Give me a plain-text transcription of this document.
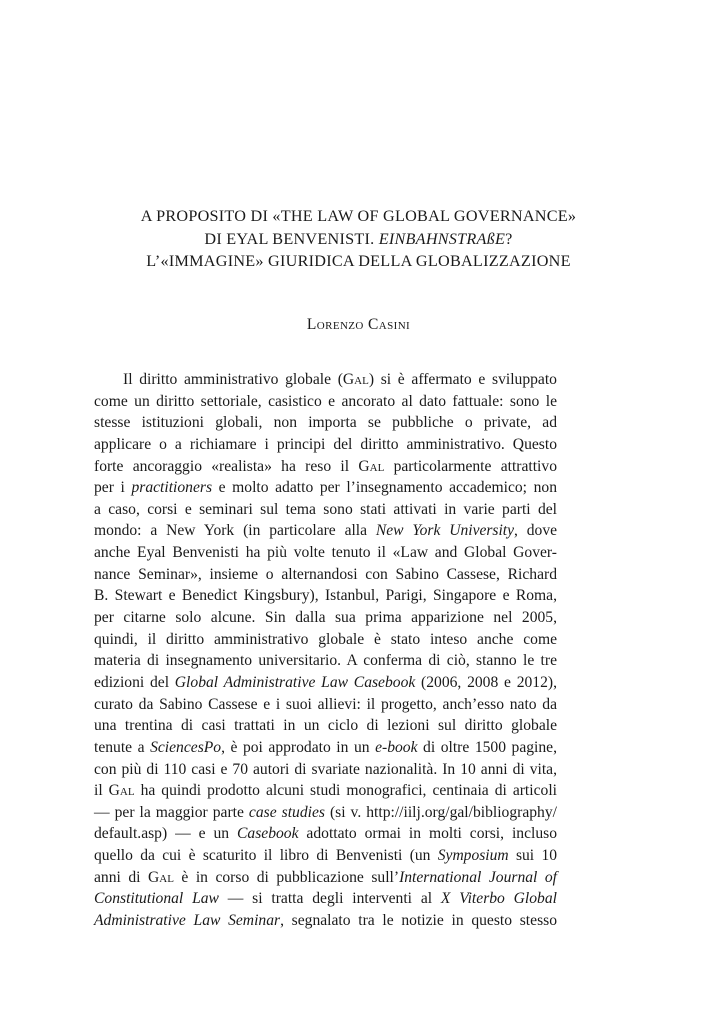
A PROPOSITO DI «THE LAW OF GLOBAL GOVERNANCE»
DI EYAL BENVENISTI. EINBAHNSTRAßE?
L’«IMMAGINE» GIURIDICA DELLA GLOBALIZZAZIONE
Lorenzo Casini
Il diritto amministrativo globale (Gal) si è affermato e sviluppato
come un diritto settoriale, casistico e ancorato al dato fattuale: sono le
stesse istituzioni globali, non importa se pubbliche o private, ad
applicare o a richiamare i principi del diritto amministrativo. Questo
forte ancoraggio «realista» ha reso il Gal particolarmente attrattivo
per i practitioners e molto adatto per l’insegnamento accademico; non
a caso, corsi e seminari sul tema sono stati attivati in varie parti del
mondo: a New York (in particolare alla New York University, dove
anche Eyal Benvenisti ha più volte tenuto il «Law and Global Gover-
nance Seminar», insieme o alternandosi con Sabino Cassese, Richard
B. Stewart e Benedict Kingsbury), Istanbul, Parigi, Singapore e Roma,
per citarne solo alcune. Sin dalla sua prima apparizione nel 2005,
quindi, il diritto amministrativo globale è stato inteso anche come
materia di insegnamento universitario. A conferma di ciò, stanno le tre
edizioni del Global Administrative Law Casebook (2006, 2008 e 2012),
curato da Sabino Cassese e i suoi allievi: il progetto, anch’esso nato da
una trentina di casi trattati in un ciclo di lezioni sul diritto globale
tenute a SciencesPo, è poi approdato in un e-book di oltre 1500 pagine,
con più di 110 casi e 70 autori di svariate nazionalità. In 10 anni di vita,
il Gal ha quindi prodotto alcuni studi monografici, centinaia di articoli
— per la maggior parte case studies (si v. http://iilj.org/gal/bibliography/
default.asp) — e un Casebook adottato ormai in molti corsi, incluso
quello da cui è scaturito il libro di Benvenisti (un Symposium sui 10
anni di Gal è in corso di pubblicazione sull’International Journal of
Constitutional Law — si tratta degli interventi al X Viterbo Global
Administrative Law Seminar, segnalato tra le notizie in questo stesso
